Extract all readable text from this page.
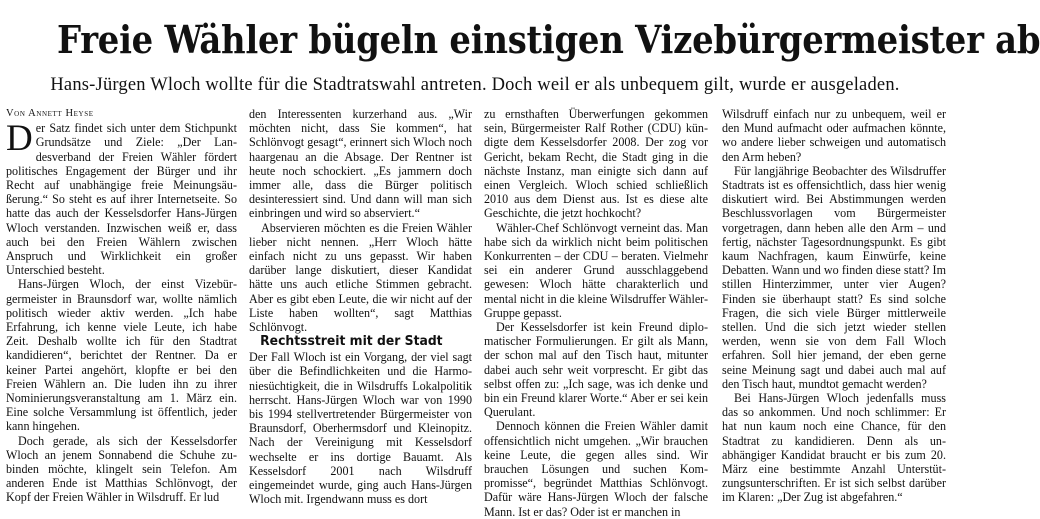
Freie Wähler bügeln einstigen Vizebürgermeister ab
Hans-Jürgen Wloch wollte für die Stadtratswahl antreten. Doch weil er als unbequem gilt, wurde er ausgeladen.

Von Annett Heyse

Der Satz findet sich unter dem Stichpunkt Grundsätze und Ziele: „Der Landesverband der Freien Wähler fördert politisches Engagement der Bürger und ihr Recht auf unabhängige freie Meinungsäußerung.“ So steht es auf ihrer Internetseite. So hatte das auch der Kesselsdorfer Hans-Jürgen Wloch verstanden. Inzwischen weiß er, dass auch bei den Freien Wählern zwischen Anspruch und Wirklichkeit ein großer Unterschied besteht.

Hans-Jürgen Wloch, der einst Vizebürgermeister in Braunsdorf war, wollte nämlich politisch wieder aktiv werden. „Ich habe Erfahrung, ich kenne viele Leute, ich habe Zeit. Deshalb wollte ich für den Stadtrat kandidieren“, berichtet der Rentner. Da er keiner Partei angehört, klopfte er bei den Freien Wählern an. Die luden ihn zu ihrer Nominierungsveranstaltung am 1. März ein. Eine solche Versammlung ist öffentlich, jeder kann hingehen.

Doch gerade, als sich der Kesselsdorfer Wloch an jenem Sonnabend die Schuhe zubinden möchte, klingelt sein Telefon. Am anderen Ende ist Matthias Schlönvogt, der Kopf der Freien Wähler in Wilsdruff. Er lud

den Interessenten kurzerhand aus. „Wir möchten nicht, dass Sie kommen“, hat Schlönvogt gesagt“, erinnert sich Wloch noch haargenau an die Absage. Der Rentner ist heute noch schockiert. „Es jammern doch immer alle, dass die Bürger politisch desinteressiert sind. Und dann will man sich einbringen und wird so abserviert.“

Abservieren möchten es die Freien Wähler lieber nicht nennen. „Herr Wloch hätte einfach nicht zu uns gepasst. Wir haben darüber lange diskutiert, dieser Kandidat hätte uns auch etliche Stimmen gebracht. Aber es gibt eben Leute, die wir nicht auf der Liste haben wollten“, sagt Matthias Schlönvogt.

Rechtsstreit mit der Stadt

Der Fall Wloch ist ein Vorgang, der viel sagt über die Befindlichkeiten und die Harmoniesüchtigkeit, die in Wilsdruffs Lokalpolitik herrscht. Hans-Jürgen Wloch war von 1990 bis 1994 stellvertretender Bürgermeister von Braunsdorf, Oberhermsdorf und Kleinopitz. Nach der Vereinigung mit Kesselsdorf wechselte er ins dortige Bauamt. Als Kesselsdorf 2001 nach Wilsdruff eingemeindet wurde, ging auch Hans-Jürgen Wloch mit. Irgendwann muss es dort

zu ernsthaften Überwerfungen gekommen sein, Bürgermeister Ralf Rother (CDU) kündigte dem Kesselsdorfer 2008. Der zog vor Gericht, bekam Recht, die Stadt ging in die nächste Instanz, man einigte sich dann auf einen Vergleich. Wloch schied schließlich 2010 aus dem Dienst aus. Ist es diese alte Geschichte, die jetzt hochkocht?

Wähler-Chef Schlönvogt verneint das. Man habe sich da wirklich nicht beim politischen Konkurrenten – der CDU – beraten. Vielmehr sei ein anderer Grund ausschlaggebend gewesen: Wloch hätte charakterlich und mental nicht in die kleine Wilsdruffer Wähler-Gruppe gepasst.

Der Kesselsdorfer ist kein Freund diplomatischer Formulierungen. Er gilt als Mann, der schon mal auf den Tisch haut, mitunter dabei auch sehr weit vorprescht. Er gibt das selbst offen zu: „Ich sage, was ich denke und bin ein Freund klarer Worte.“ Aber er sei kein Querulant.

Dennoch können die Freien Wähler damit offensichtlich nicht umgehen. „Wir brauchen keine Leute, die gegen alles sind. Wir brauchen Lösungen und suchen Kompromisse“, begründet Matthias Schlönvogt. Dafür wäre Hans-Jürgen Wloch der falsche Mann. Ist er das? Oder ist er manchen in

Wilsdruff einfach nur zu unbequem, weil er den Mund aufmacht oder aufmachen könnte, wo andere lieber schweigen und automatisch den Arm heben?

Für langjährige Beobachter des Wilsdruffer Stadtrats ist es offensichtlich, dass hier wenig diskutiert wird. Bei Abstimmungen werden Beschlussvorlagen vom Bürgermeister vorgetragen, dann heben alle den Arm – und fertig, nächster Tagesordnungspunkt. Es gibt kaum Nachfragen, kaum Einwürfe, keine Debatten. Wann und wo finden diese statt? Im stillen Hinterzimmer, unter vier Augen? Finden sie überhaupt statt? Es sind solche Fragen, die sich viele Bürger mittlerweile stellen. Und die sich jetzt wieder stellen werden, wenn sie von dem Fall Wloch erfahren. Soll hier jemand, der eben gerne seine Meinung sagt und dabei auch mal auf den Tisch haut, mundtot gemacht werden?

Bei Hans-Jürgen Wloch jedenfalls muss das so ankommen. Und noch schlimmer: Er hat nun kaum noch eine Chance, für den Stadtrat zu kandidieren. Denn als unabhängiger Kandidat braucht er bis zum 20. März eine bestimmte Anzahl Unterstützungsunterschriften. Er ist sich selbst darüber im Klaren: „Der Zug ist abgefahren.“
